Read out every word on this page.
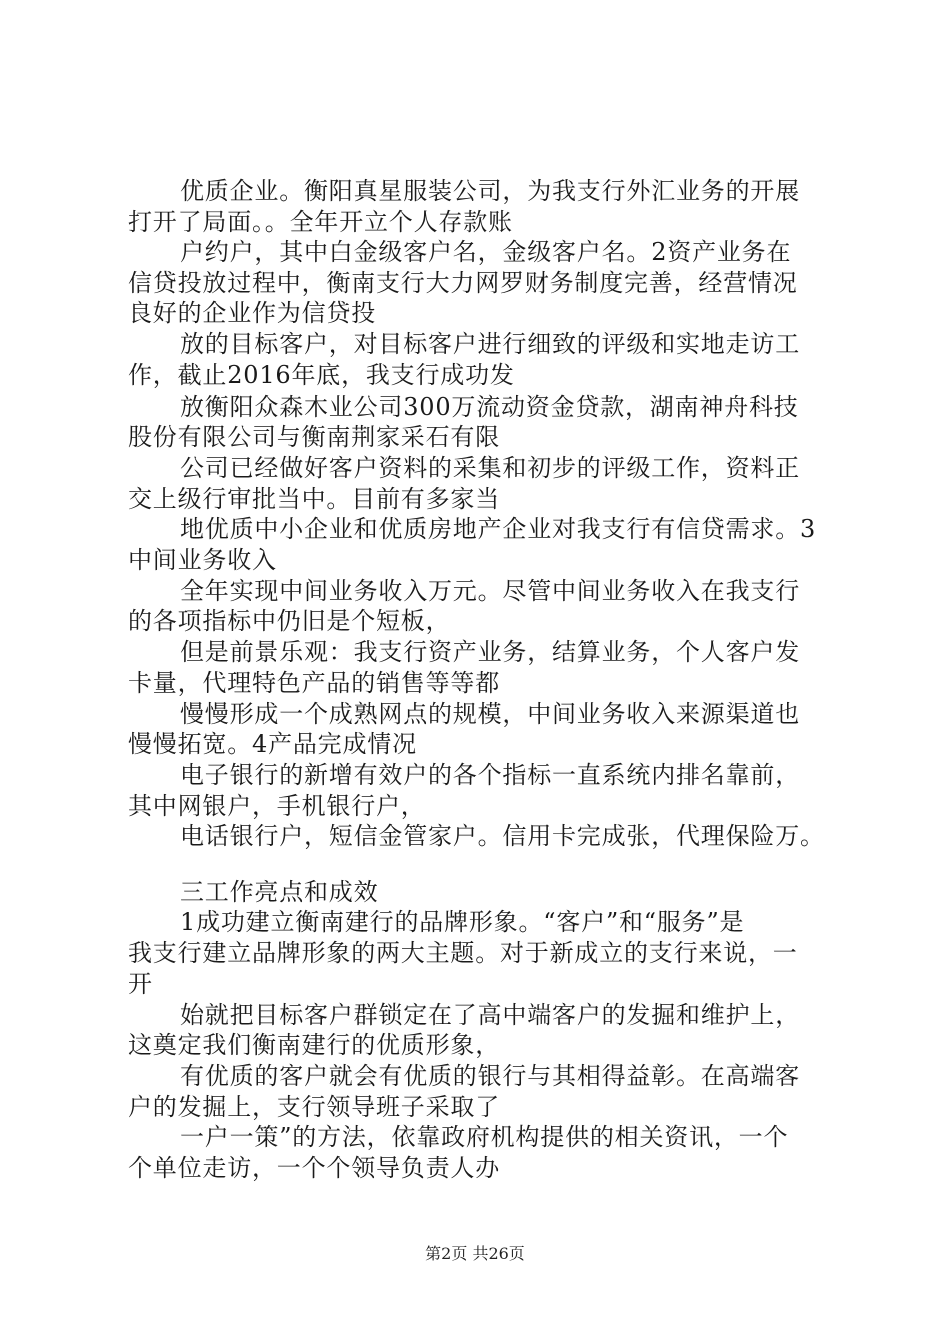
优质企业。衡阳真星服装公司，为我支行外汇业务的开展
打开了局面。。全年开立个人存款账
户约户，其中白金级客户名，金级客户名。2资产业务在
信贷投放过程中，衡南支行大力网罗财务制度完善，经营情况
良好的企业作为信贷投
放的目标客户，对目标客户进行细致的评级和实地走访工
作，截止2016年底，我支行成功发
放衡阳众森木业公司300万流动资金贷款，湖南神舟科技
股份有限公司与衡南荆家采石有限
公司已经做好客户资料的采集和初步的评级工作，资料正
交上级行审批当中。目前有多家当
地优质中小企业和优质房地产企业对我支行有信贷需求。3
中间业务收入
全年实现中间业务收入万元。尽管中间业务收入在我支行
的各项指标中仍旧是个短板，
但是前景乐观：我支行资产业务，结算业务，个人客户发
卡量，代理特色产品的销售等等都
慢慢形成一个成熟网点的规模，中间业务收入来源渠道也
慢慢拓宽。4产品完成情况
电子银行的新增有效户的各个指标一直系统内排名靠前，
其中网银户，手机银行户，
电话银行户，短信金管家户。信用卡完成张，代理保险万。
三工作亮点和成效
1成功建立衡南建行的品牌形象。“客户”和“服务”是
我支行建立品牌形象的两大主题。对于新成立的支行来说，一
开
始就把目标客户群锁定在了高中端客户的发掘和维护上，
这奠定我们衡南建行的优质形象，
有优质的客户就会有优质的银行与其相得益彰。在高端客
户的发掘上，支行领导班子采取了
一户一策”的方法，依靠政府机构提供的相关资讯，一个
个单位走访，一个个领导负责人办
第2页 共26页
